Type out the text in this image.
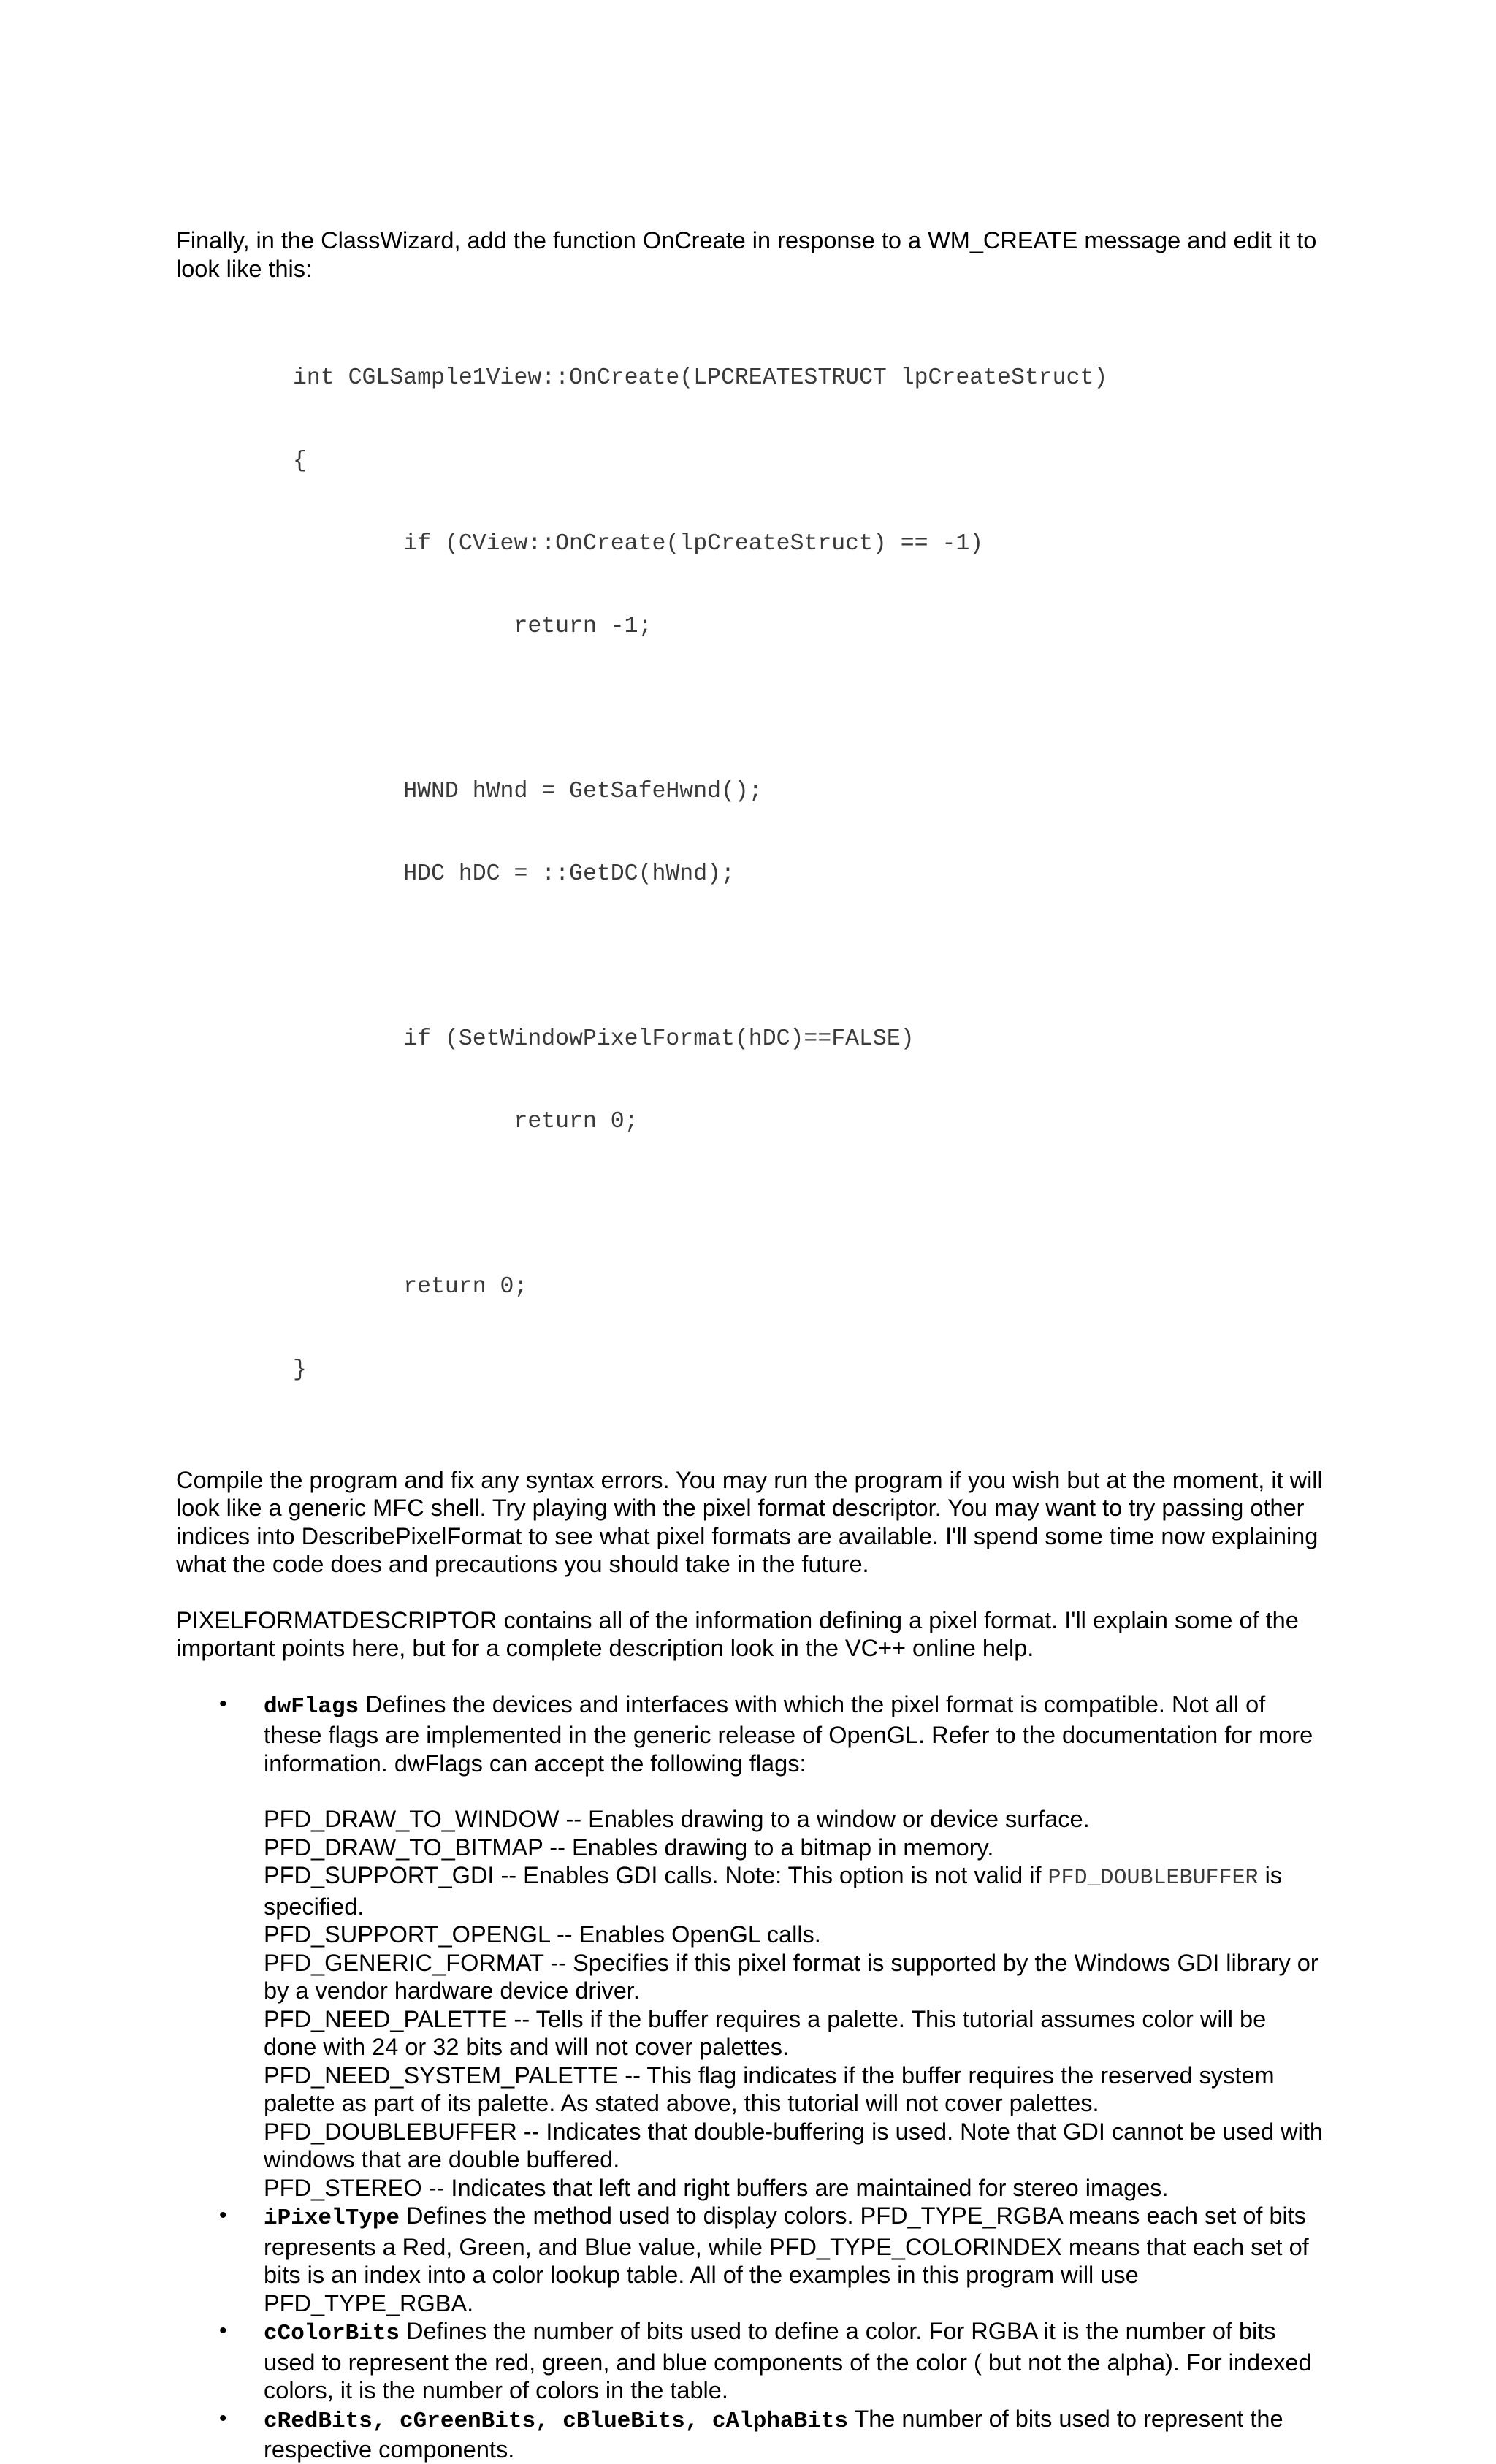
Finally, in the ClassWizard, add the function OnCreate in response to a WM_CREATE message and edit it to look like this:

int CGLSample1View::OnCreate(LPCREATESTRUCT lpCreateStruct)

{

if (CView::OnCreate(lpCreateStruct) == -1)

return -1;

HWND hWnd = GetSafeHwnd();

HDC hDC = ::GetDC(hWnd);

if (SetWindowPixelFormat(hDC)==FALSE)

return 0;

return 0;

}

Compile the program and fix any syntax errors. You may run the program if you wish but at the moment, it will look like a generic MFC shell. Try playing with the pixel format descriptor. You may want to try passing other indices into DescribePixelFormat to see what pixel formats are available. I'll spend some time now explaining what the code does and precautions you should take in the future.

PIXELFORMATDESCRIPTOR contains all of the information defining a pixel format. I'll explain some of the important points here, but for a complete description look in the VC++ online help.

• dwFlags Defines the devices and interfaces with which the pixel format is compatible. Not all of these flags are implemented in the generic release of OpenGL. Refer to the documentation for more information. dwFlags can accept the following flags:

PFD_DRAW_TO_WINDOW -- Enables drawing to a window or device surface.
PFD_DRAW_TO_BITMAP -- Enables drawing to a bitmap in memory.
PFD_SUPPORT_GDI -- Enables GDI calls. Note: This option is not valid if PFD_DOUBLEBUFFER is specified.
PFD_SUPPORT_OPENGL -- Enables OpenGL calls.
PFD_GENERIC_FORMAT -- Specifies if this pixel format is supported by the Windows GDI library or by a vendor hardware device driver.
PFD_NEED_PALETTE -- Tells if the buffer requires a palette. This tutorial assumes color will be done with 24 or 32 bits and will not cover palettes.
PFD_NEED_SYSTEM_PALETTE -- This flag indicates if the buffer requires the reserved system palette as part of its palette. As stated above, this tutorial will not cover palettes.
PFD_DOUBLEBUFFER -- Indicates that double-buffering is used. Note that GDI cannot be used with windows that are double buffered.
PFD_STEREO -- Indicates that left and right buffers are maintained for stereo images.
• iPixelType Defines the method used to display colors. PFD_TYPE_RGBA means each set of bits represents a Red, Green, and Blue value, while PFD_TYPE_COLORINDEX means that each set of bits is an index into a color lookup table. All of the examples in this program will use PFD_TYPE_RGBA.

• cColorBits Defines the number of bits used to define a color. For RGBA it is the number of bits used to represent the red, green, and blue components of the color ( but not the alpha). For indexed colors, it is the number of colors in the table.

• cRedBits, cGreenBits, cBlueBits, cAlphaBits The number of bits used to represent the respective components.
